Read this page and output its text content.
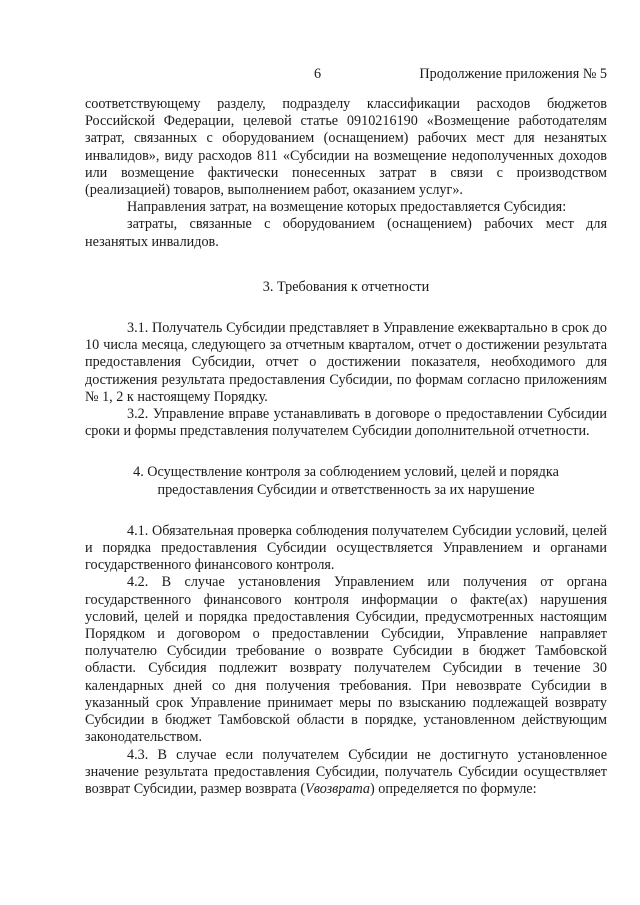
6	Продолжение приложения № 5

соответствующему разделу, подразделу классификации расходов бюджетов Российской Федерации, целевой статье 0910216190 «Возмещение работодателям затрат, связанных с оборудованием (оснащением) рабочих мест для незанятых инвалидов», виду расходов 811 «Субсидии на возмещение недополученных доходов или возмещение фактически понесенных затрат в связи с производством (реализацией) товаров, выполнением работ, оказанием услуг».

Направления затрат, на возмещение которых предоставляется Субсидия:

затраты, связанные с оборудованием (оснащением) рабочих мест для незанятых инвалидов.

3. Требования к отчетности

3.1. Получатель Субсидии представляет в Управление ежеквартально в срок до 10 числа месяца, следующего за отчетным кварталом, отчет о достижении результата предоставления Субсидии, отчет о достижении показателя, необходимого для достижения результата предоставления Субсидии, по формам согласно приложениям № 1, 2 к настоящему Порядку.

3.2. Управление вправе устанавливать в договоре о предоставлении Субсидии сроки и формы представления получателем Субсидии дополнительной отчетности.

4. Осуществление контроля за соблюдением условий, целей и порядка

предоставления Субсидии и ответственность за их нарушение

4.1. Обязательная проверка соблюдения получателем Субсидии условий, целей и порядка предоставления Субсидии осуществляется Управлением и органами государственного финансового контроля.

4.2. В случае установления Управлением или получения от органа государственного финансового контроля информации о факте(ах) нарушения условий, целей и порядка предоставления Субсидии, предусмотренных настоящим Порядком и договором о предоставлении Субсидии, Управление направляет получателю Субсидии требование о возврате Субсидии в бюджет Тамбовской области. Субсидия подлежит возврату получателем Субсидии в течение 30 календарных дней со дня получения требования. При невозврате Субсидии в указанный срок Управление принимает меры по взысканию подлежащей возврату Субсидии в бюджет Тамбовской области в порядке, установленном действующим законодательством.

4.3. В случае если получателем Субсидии не достигнуто установленное значение результата предоставления Субсидии, получатель Субсидии осуществляет возврат Субсидии, размер возврата (Vвозврата) определяется по формуле:
